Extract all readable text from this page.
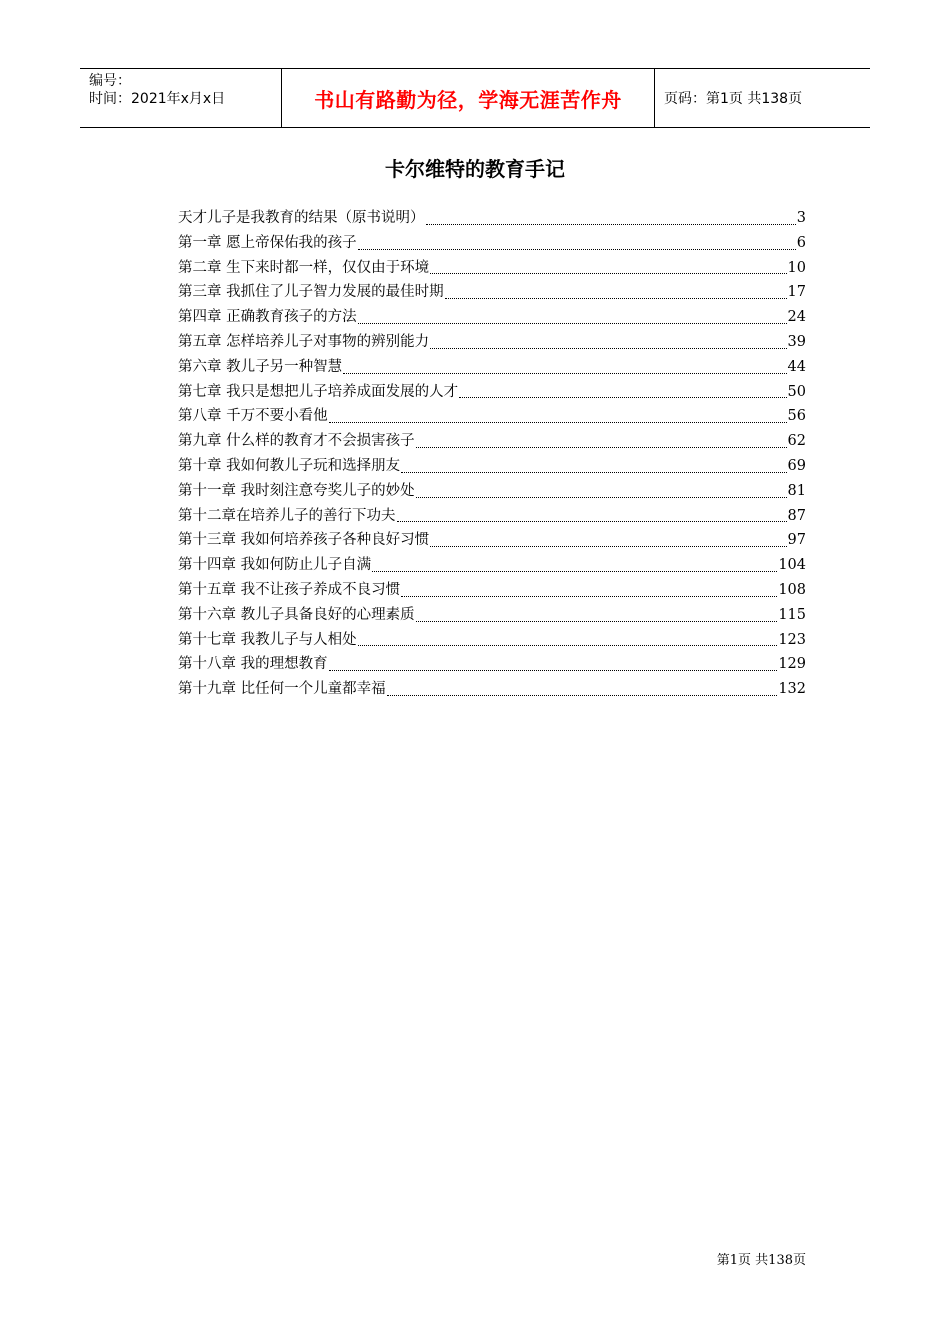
编号：
时间：2021年x月x日	书山有路勤为径，学海无涯苦作舟	页码：第1页 共138页
卡尔维特的教育手记
天才儿子是我教育的结果（原书说明）	3
第一章 愿上帝保佑我的孩子	6
第二章 生下来时都一样，仅仅由于环境	10
第三章 我抓住了儿子智力发展的最佳时期	17
第四章 正确教育孩子的方法	24
第五章 怎样培养儿子对事物的辨别能力	39
第六章 教儿子另一种智慧	44
第七章 我只是想把儿子培养成面发展的人才	50
第八章 千万不要小看他	56
第九章 什么样的教育才不会损害孩子	62
第十章 我如何教儿子玩和选择朋友	69
第十一章 我时刻注意夸奖儿子的妙处	81
第十二章在培养儿子的善行下功夫	87
第十三章 我如何培养孩子各种良好习惯	97
第十四章 我如何防止儿子自满	104
第十五章 我不让孩子养成不良习惯	108
第十六章 教儿子具备良好的心理素质	115
第十七章 我教儿子与人相处	123
第十八章 我的理想教育	129
第十九章 比任何一个儿童都幸福	132
第1页 共138页
